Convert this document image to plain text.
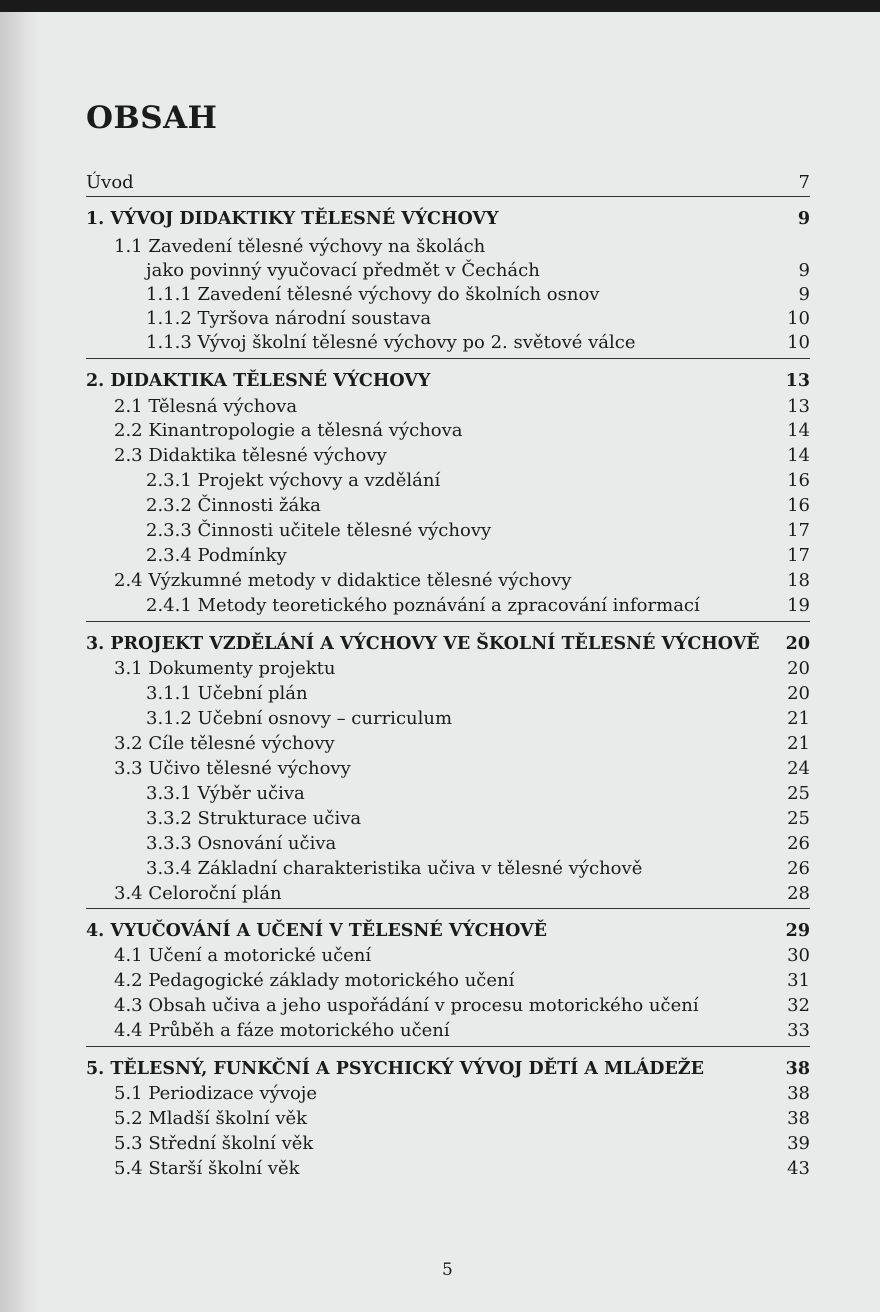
OBSAH
Úvod	7
1. VÝVOJ DIDAKTIKY TĚLESNÉ VÝCHOVY	9
1.1 Zavedení tělesné výchovy na školách
jako povinný vyučovací předmět v Čechách	9
1.1.1 Zavedení tělesné výchovy do školních osnov	9
1.1.2 Tyršova národní soustava	10
1.1.3 Vývoj školní tělesné výchovy po 2. světové válce	10
2. DIDAKTIKA TĚLESNÉ VÝCHOVY	13
2.1 Tělesná výchova	13
2.2 Kinantropologie a tělesná výchova	14
2.3 Didaktika tělesné výchovy	14
2.3.1 Projekt výchovy a vzdělání	16
2.3.2 Činnosti žáka	16
2.3.3 Činnosti učitele tělesné výchovy	17
2.3.4 Podmínky	17
2.4 Výzkumné metody v didaktice tělesné výchovy	18
2.4.1 Metody teoretického poznávání a zpracování informací	19
3. PROJEKT VZDĚLÁNÍ A VÝCHOVY VE ŠKOLNÍ TĚLESNÉ VÝCHOVĚ 20
3.1 Dokumenty projektu	20
3.1.1 Učební plán	20
3.1.2 Učební osnovy – curriculum	21
3.2 Cíle tělesné výchovy	21
3.3 Učivo tělesné výchovy	24
3.3.1 Výběr učiva	25
3.3.2 Strukturace učiva	25
3.3.3 Osnování učiva	26
3.3.4 Základní charakteristika učiva v tělesné výchově	26
3.4 Celoroční plán	28
4. VYUČOVÁNÍ A UČENÍ V TĚLESNÉ VÝCHOVĚ	29
4.1 Učení a motorické učení	30
4.2 Pedagogické základy motorického učení	31
4.3 Obsah učiva a jeho uspořádání v procesu motorického učení	32
4.4 Průběh a fáze motorického učení	33
5. TĚLESNÝ, FUNKČNÍ A PSYCHICKÝ VÝVOJ DĚTÍ A MLÁDEŽE	38
5.1 Periodizace vývoje	38
5.2 Mladší školní věk	38
5.3 Střední školní věk	39
5.4 Starší školní věk	43
5
